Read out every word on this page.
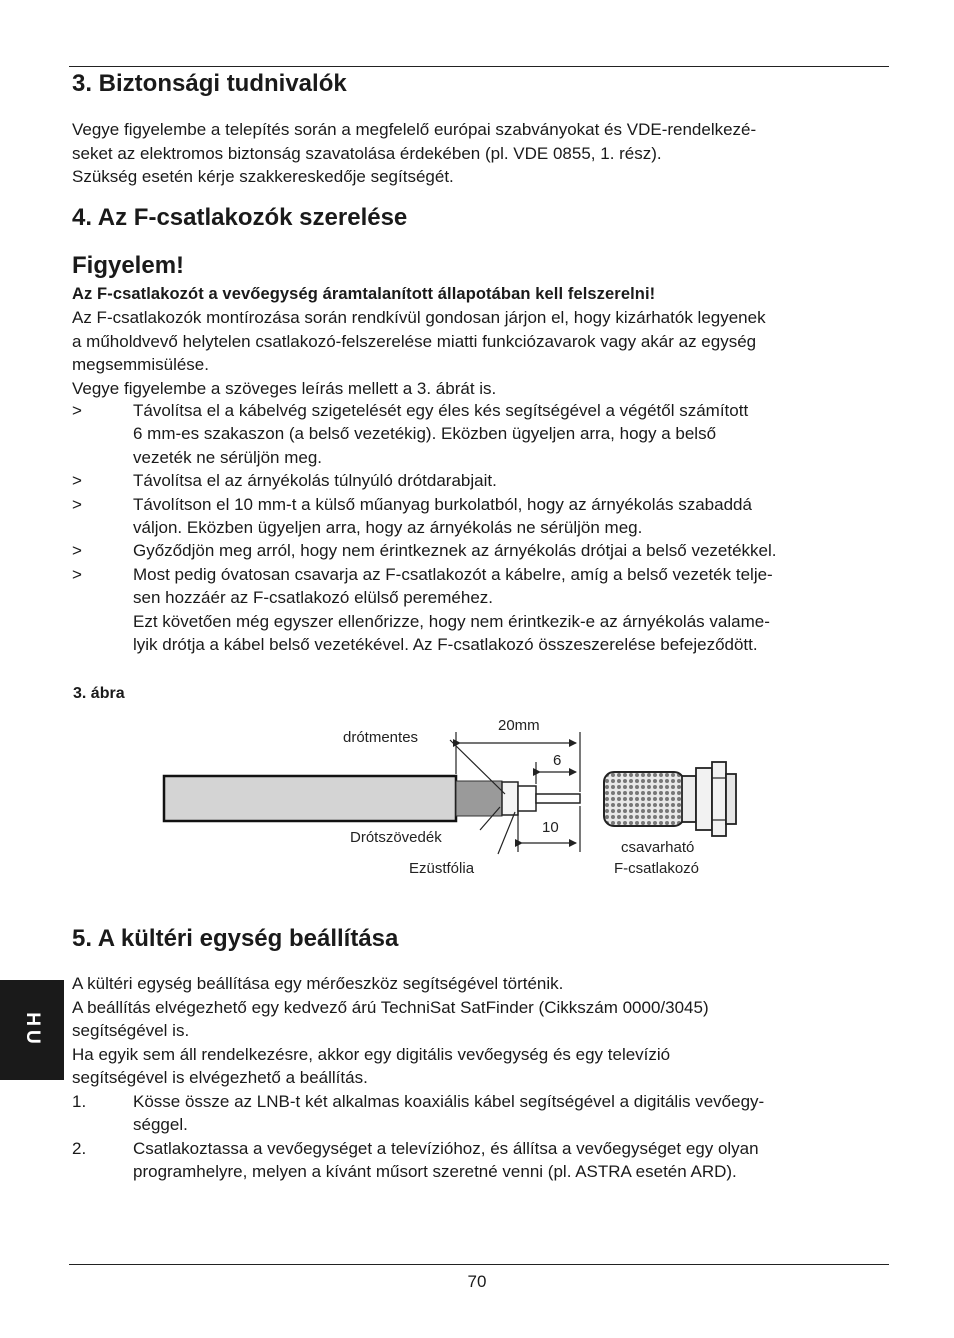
3. Biztonsági tudnivalók
Vegye figyelembe a telepítés során a megfelelő európai szabványokat és VDE-rendelkezé-
seket az elektromos biztonság szavatolása érdekében (pl. VDE 0855, 1. rész).
Szükség esetén kérje szakkereskedője segítségét.
4. Az F-csatlakozók szerelése
Figyelem!
Az F-csatlakozót a vevőegység áramtalanított állapotában kell felszerelni!
Az F-csatlakozók montírozása során rendkívül gondosan járjon el, hogy kizárhatók legyenek
a műholdvevő helytelen csatlakozó-felszerelése miatti funkciózavarok vagy akár az egység
megsemmisülése.
Vegye figyelembe a szöveges leírás mellett a 3. ábrát is.
>	Távolítsa el a kábelvég szigetelését egy éles kés segítségével a végétől számított
6 mm-es szakaszon (a belső vezetékig). Eközben ügyeljen arra, hogy a belső
vezeték ne sérüljön meg.
>	Távolítsa el az árnyékolás túlnyúló drótdarabjait.
>	Távolítson el 10 mm-t a külső műanyag burkolatból, hogy az árnyékolás szabaddá
váljon. Eközben ügyeljen arra, hogy az árnyékolás ne sérüljön meg.
>	Győződjön meg arról, hogy nem érintkeznek az árnyékolás drótjai a belső vezetékkel.
>	Most pedig óvatosan csavarja az F-csatlakozót a kábelre, amíg a belső vezeték telje-
sen hozzáér az F-csatlakozó elülső pereméhez.
Ezt követően még egyszer ellenőrizze, hogy nem érintkezik-e az árnyékolás valame-
lyik drótja a kábel belső vezetékével. Az F-csatlakozó összeszerelése befejeződött.
3. ábra
5. A kültéri egység beállítása
A kültéri egység beállítása egy mérőeszköz segítségével történik.
A beállítás elvégezhető egy kedvező árú TechniSat SatFinder (Cikkszám 0000/3045)
segítségével is.
Ha egyik sem áll rendelkezésre, akkor egy digitális vevőegység és egy televízió
segítségével is elvégezhető a beállítás.
1.	Kösse össze az LNB-t két alkalmas koaxiális kábel segítségével a digitális vevőegy-
séggel.
2.	Csatlakoztassa a vevőegységet a televízióhoz, és állítsa a vevőegységet egy olyan
programhelyre, melyen a kívánt műsort szeretné venni (pl. ASTRA esetén ARD).
drótmentes
20mm
6
10
Drótszövedék
Ezüstfólia
csavarható
F-csatlakozó
HU
70
